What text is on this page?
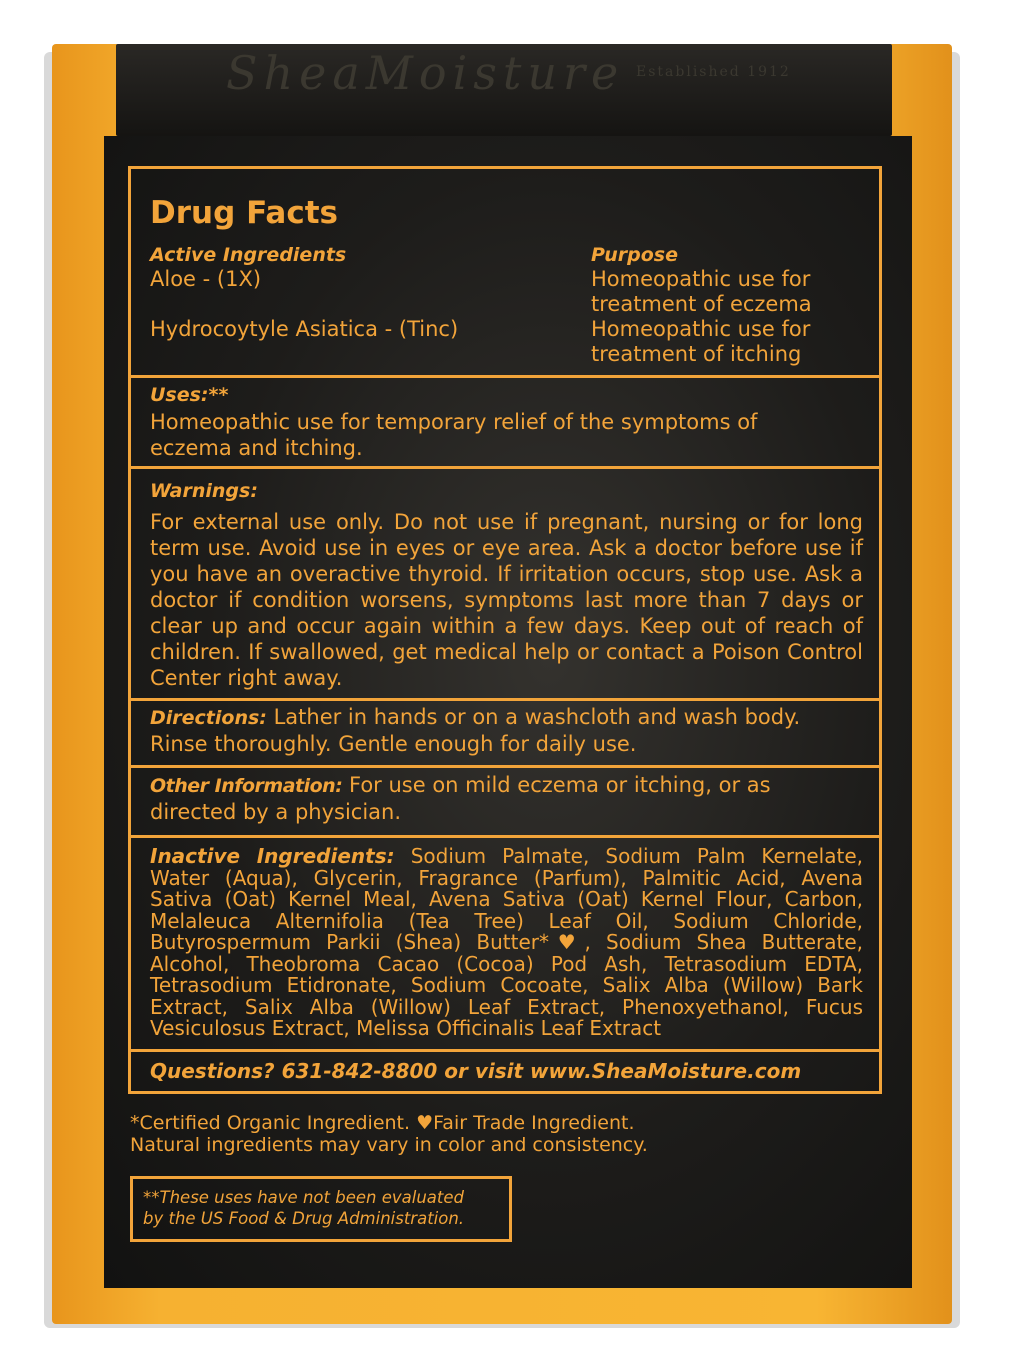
SheaMoisture Established 1912
Drug Facts
Active Ingredients	Purpose
Aloe - (1X)	Homeopathic use for
treatment of eczema
Hydrocoytyle Asiatica - (Tinc)	Homeopathic use for
treatment of itching
Uses:**
Homeopathic use for temporary relief of the symptoms of eczema and itching.
Warnings:
For external use only. Do not use if pregnant, nursing or for long term use. Avoid use in eyes or eye area. Ask a doctor before use if you have an overactive thyroid. If irritation occurs, stop use. Ask a doctor if condition worsens, symptoms last more than 7 days or clear up and occur again within a few days. Keep out of reach of children. If swallowed, get medical help or contact a Poison Control Center right away.
Directions: Lather in hands or on a washcloth and wash body. Rinse thoroughly. Gentle enough for daily use.
Other Information: For use on mild eczema or itching, or as directed by a physician.
Inactive Ingredients: Sodium Palmate, Sodium Palm Kernelate, Water (Aqua), Glycerin, Fragrance (Parfum), Palmitic Acid, Avena Sativa (Oat) Kernel Meal, Avena Sativa (Oat) Kernel Flour, Carbon, Melaleuca Alternifolia (Tea Tree) Leaf Oil, Sodium Chloride, Butyrospermum Parkii (Shea) Butter*♥, Sodium Shea Butterate, Alcohol, Theobroma Cacao (Cocoa) Pod Ash, Tetrasodium EDTA, Tetrasodium Etidronate, Sodium Cocoate, Salix Alba (Willow) Bark Extract, Salix Alba (Willow) Leaf Extract, Phenoxyethanol, Fucus Vesiculosus Extract, Melissa Officinalis Leaf Extract
Questions? 631-842-8800 or visit www.SheaMoisture.com
*Certified Organic Ingredient. ♥Fair Trade Ingredient.
Natural ingredients may vary in color and consistency.
**These uses have not been evaluated
by the US Food & Drug Administration.
